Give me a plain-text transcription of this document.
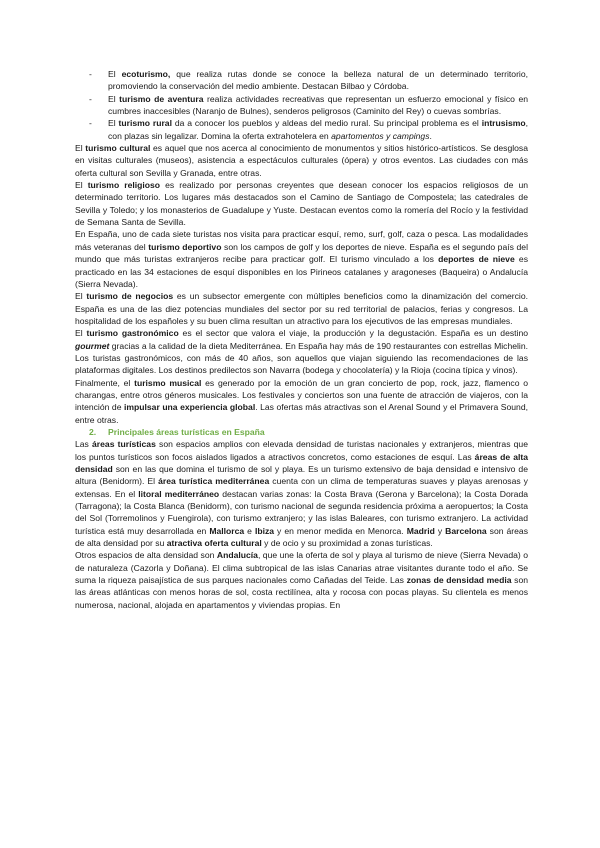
- El ecoturismo, que realiza rutas donde se conoce la belleza natural de un determinado territorio, promoviendo la conservación del medio ambiente. Destacan Bilbao y Córdoba.

- El turismo de aventura realiza actividades recreativas que representan un esfuerzo emocional y físico en cumbres inaccesibles (Naranjo de Bulnes), senderos peligrosos (Caminito del Rey) o cuevas sombrías.

- El turismo rural da a conocer los pueblos y aldeas del medio rural. Su principal problema es el intrusismo, con plazas sin legalizar. Domina la oferta extrahotelera en apartomentos y campings.

El turismo cultural es aquel que nos acerca al conocimiento de monumentos y sitios histórico-artísticos. Se desglosa en visitas culturales (museos), asistencia a espectáculos culturales (ópera) y otros eventos. Las ciudades con más oferta cultural son Sevilla y Granada, entre otras.

El turismo religioso es realizado por personas creyentes que desean conocer los espacios religiosos de un determinado territorio. Los lugares más destacados son el Camino de Santiago de Compostela; las catedrales de Sevilla y Toledo; y los monasterios de Guadalupe y Yuste. Destacan eventos como la romería del Rocío y la festividad de Semana Santa de Sevilla.

En España, uno de cada siete turistas nos visita para practicar esquí, remo, surf, golf, caza o pesca. Las modalidades más veteranas del turismo deportivo son los campos de golf y los deportes de nieve. España es el segundo país del mundo que más turistas extranjeros recibe para practicar golf. El turismo vinculado a los deportes de nieve es practicado en las 34 estaciones de esquí disponibles en los Pirineos catalanes y aragoneses (Baqueira) o Andalucía (Sierra Nevada).

El turismo de negocios es un subsector emergente con múltiples beneficios como la dinamización del comercio. España es una de las diez potencias mundiales del sector por su red territorial de palacios, ferias y congresos. La hospitalidad de los españoles y su buen clima resultan un atractivo para los ejecutivos de las empresas mundiales.

El turismo gastronómico es el sector que valora el viaje, la producción y la degustación. España es un destino gourmet gracias a la calidad de la dieta Mediterránea. En España hay más de 190 restaurantes con estrellas Michelin. Los turistas gastronómicos, con más de 40 años, son aquellos que viajan siguiendo las recomendaciones de las plataformas digitales. Los destinos predilectos son Navarra (bodega y chocolatería) y la Rioja (cocina típica y vinos).

Finalmente, el turismo musical es generado por la emoción de un gran concierto de pop, rock, jazz, flamenco o charangas, entre otros géneros musicales. Los festivales y conciertos son una fuente de atracción de viajeros, con la intención de impulsar una experiencia global. Las ofertas más atractivas son el Arenal Sound y el Primavera Sound, entre otras.

2. Principales áreas turísticas en España

Las áreas turísticas son espacios amplios con elevada densidad de turistas nacionales y extranjeros, mientras que los puntos turísticos son focos aislados ligados a atractivos concretos, como estaciones de esquí. Las áreas de alta densidad son en las que domina el turismo de sol y playa. Es un turismo extensivo de baja densidad e intensivo de altura (Benidorm). El área turística mediterránea cuenta con un clima de temperaturas suaves y playas arenosas y extensas. En el litoral mediterráneo destacan varias zonas: la Costa Brava (Gerona y Barcelona); la Costa Dorada (Tarragona); la Costa Blanca (Benidorm), con turismo nacional de segunda residencia próxima a aeropuertos; la Costa del Sol (Torremolinos y Fuengirola), con turismo extranjero; y las islas Baleares, con turismo extranjero. La actividad turística está muy desarrollada en Mallorca e Ibiza y en menor medida en Menorca. Madrid y Barcelona son áreas de alta densidad por su atractiva oferta cultural y de ocio y su proximidad a zonas turísticas.

Otros espacios de alta densidad son Andalucía, que une la oferta de sol y playa al turismo de nieve (Sierra Nevada) o de naturaleza (Cazorla y Doñana). El clima subtropical de las islas Canarias atrae visitantes durante todo el año. Se suma la riqueza paisajística de sus parques nacionales como Cañadas del Teide. Las zonas de densidad media son las áreas atlánticas con menos horas de sol, costa rectilínea, alta y rocosa con pocas playas. Su clientela es menos numerosa, nacional, alojada en apartamentos y viviendas propias. En
